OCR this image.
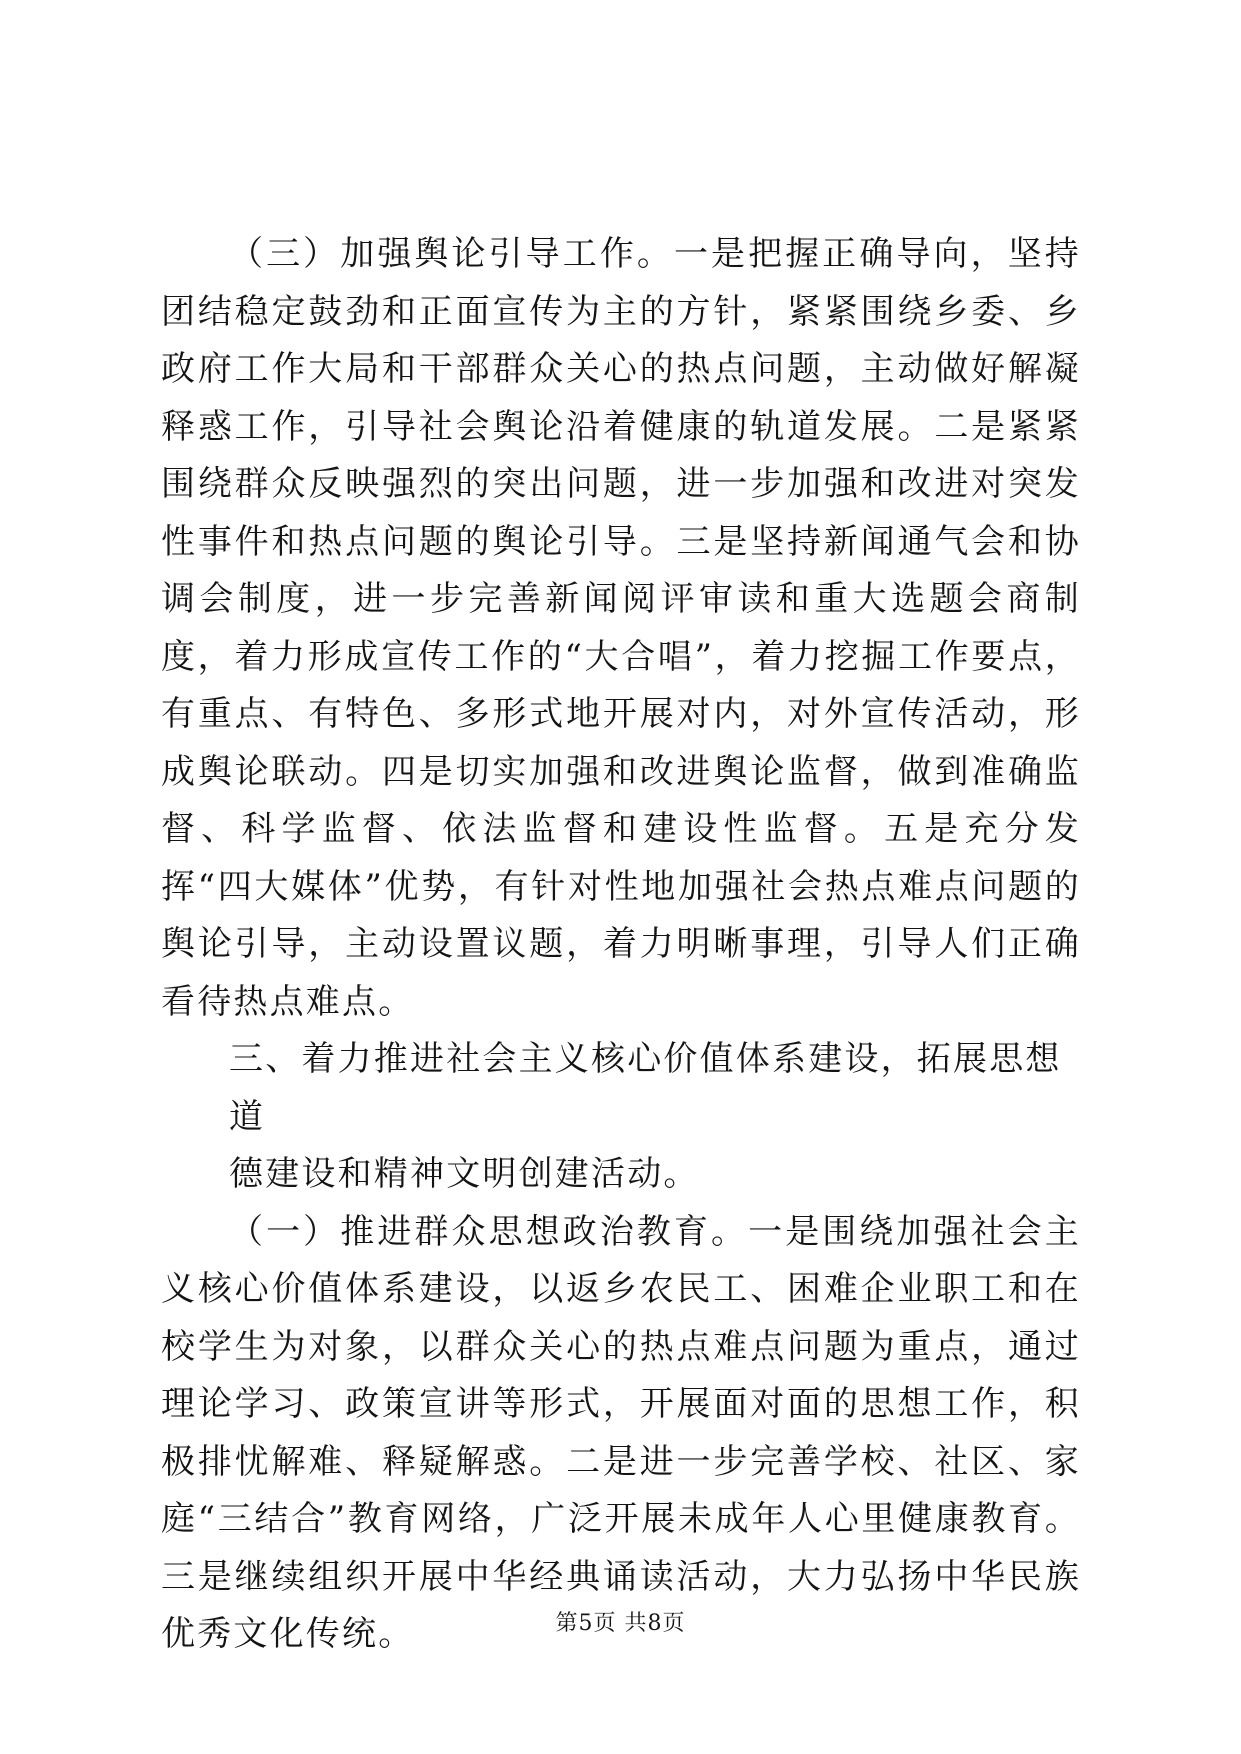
（三）加强舆论引导工作。一是把握正确导向，坚持团结稳定鼓劲和正面宣传为主的方针，紧紧围绕乡委、乡政府工作大局和干部群众关心的热点问题，主动做好解凝释惑工作，引导社会舆论沿着健康的轨道发展。二是紧紧围绕群众反映强烈的突出问题，进一步加强和改进对突发性事件和热点问题的舆论引导。三是坚持新闻通气会和协调会制度，进一步完善新闻阅评审读和重大选题会商制度，着力形成宣传工作的“大合唱”，着力挖掘工作要点，有重点、有特色、多形式地开展对内，对外宣传活动，形成舆论联动。四是切实加强和改进舆论监督，做到准确监督、科学监督、依法监督和建设性监督。五是充分发挥“四大媒体”优势，有针对性地加强社会热点难点问题的舆论引导，主动设置议题，着力明晰事理，引导人们正确看待热点难点。

三、着力推进社会主义核心价值体系建设，拓展思想道
德建设和精神文明创建活动。

（一）推进群众思想政治教育。一是围绕加强社会主义核心价值体系建设，以返乡农民工、困难企业职工和在校学生为对象，以群众关心的热点难点问题为重点，通过理论学习、政策宣讲等形式，开展面对面的思想工作，积极排忧解难、释疑解惑。二是进一步完善学校、社区、家庭“三结合”教育网络，广泛开展未成年人心里健康教育。三是继续组织开展中华经典诵读活动，大力弘扬中华民族优秀文化传统。	第5页 共8页
